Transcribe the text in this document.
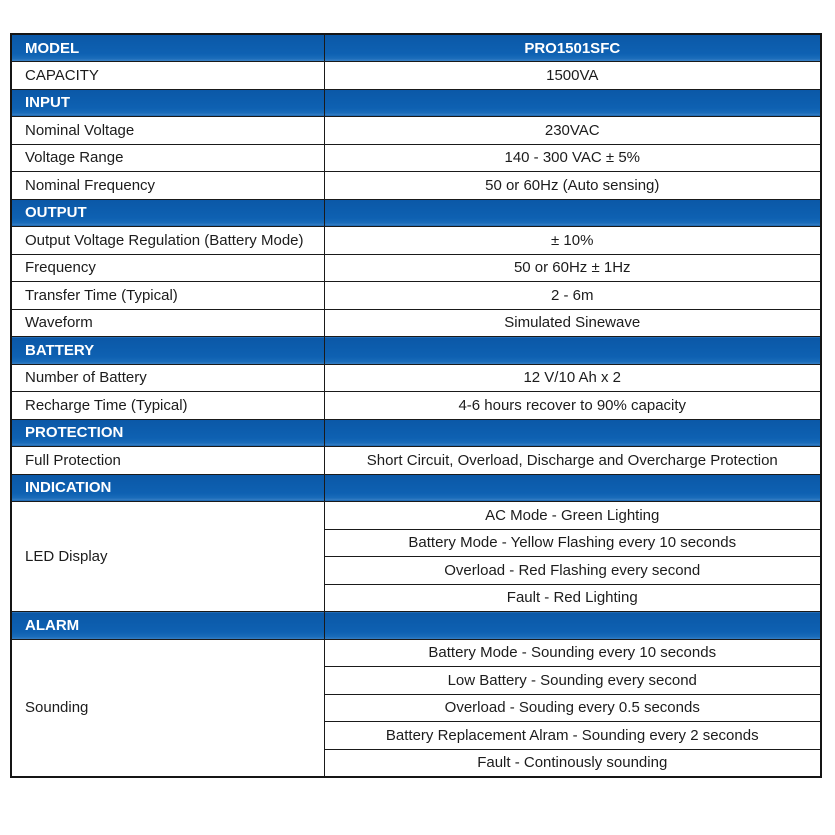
MODEL	PRO1501SFC
CAPACITY	1500VA
INPUT	
Nominal Voltage	230VAC
Voltage Range	140 - 300 VAC ± 5%
Nominal Frequency	50 or 60Hz (Auto sensing)
OUTPUT	
Output Voltage Regulation (Battery Mode)	± 10%
Frequency	50 or 60Hz ± 1Hz
Transfer Time (Typical)	2 - 6m
Waveform	Simulated Sinewave
BATTERY	
Number of Battery	12 V/10 Ah x 2
Recharge Time (Typical)	4-6 hours recover to 90% capacity
PROTECTION	
Full Protection	Short Circuit, Overload, Discharge and Overcharge Protection
INDICATION	
LED Display	AC Mode - Green Lighting
	Battery Mode - Yellow Flashing every 10 seconds
	Overload - Red Flashing every second
	Fault - Red Lighting
ALARM	
Sounding	Battery Mode - Sounding every 10 seconds
	Low Battery - Sounding every second
	Overload - Souding every 0.5 seconds
	Battery Replacement Alram - Sounding every 2 seconds
	Fault - Continously sounding
